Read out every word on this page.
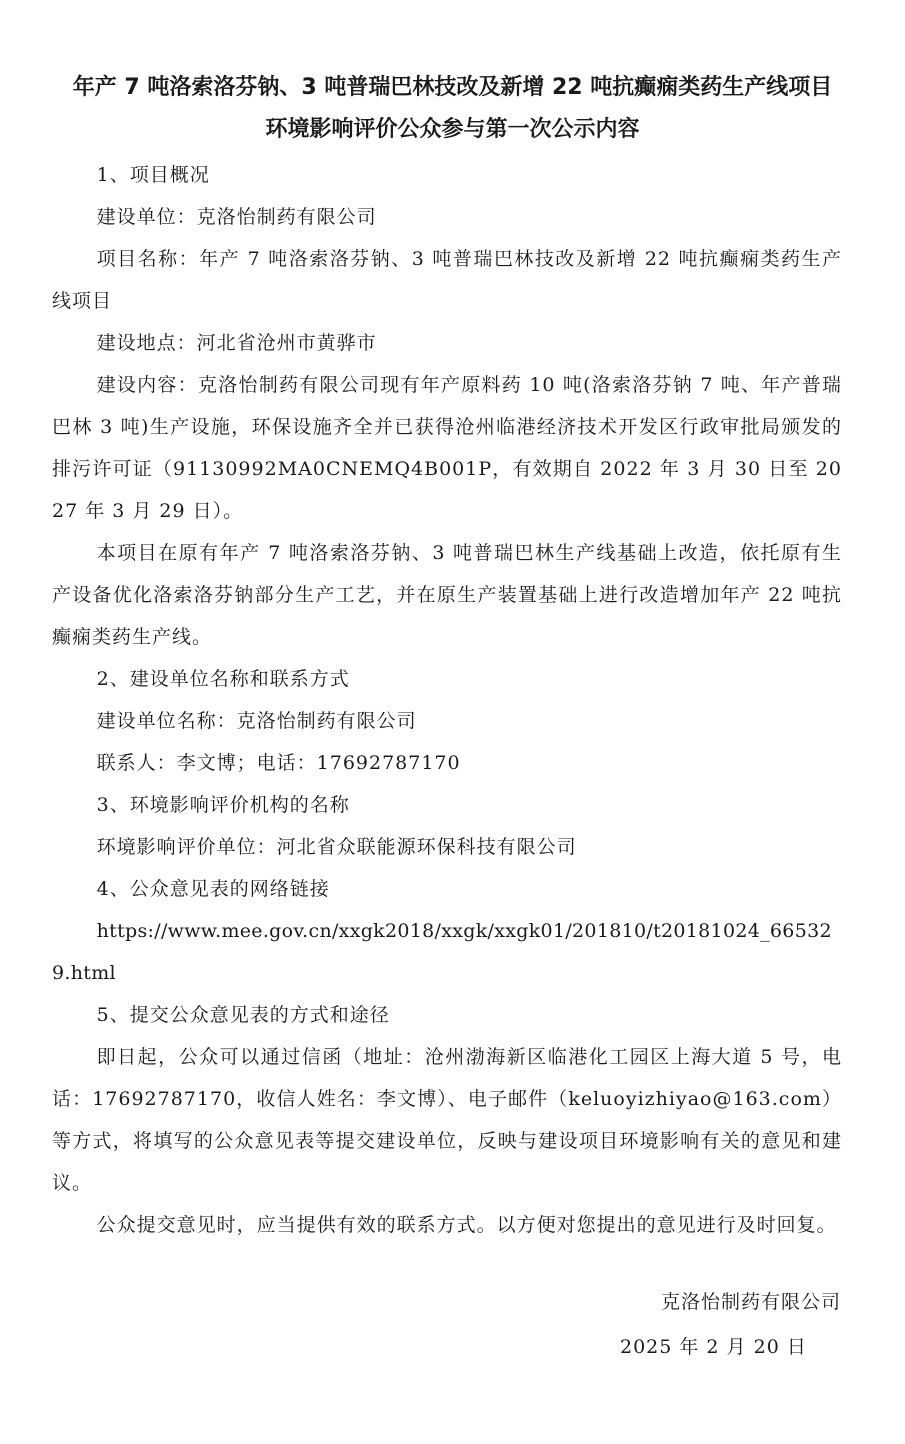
年产 7 吨洛索洛芬钠、3 吨普瑞巴林技改及新增 22 吨抗癫痫类药生产线项目
环境影响评价公众参与第一次公示内容

1、项目概况

建设单位：克洛怡制药有限公司

项目名称：年产 7 吨洛索洛芬钠、3 吨普瑞巴林技改及新增 22 吨抗癫痫类药生产线项目

建设地点：河北省沧州市黄骅市

建设内容：克洛怡制药有限公司现有年产原料药 10 吨(洛索洛芬钠 7 吨、年产普瑞巴林 3 吨)生产设施，环保设施齐全并已获得沧州临港经济技术开发区行政审批局颁发的排污许可证（91130992MA0CNEMQ4B001P，有效期自 2022 年 3 月 30 日至 2027 年 3 月 29 日）。

本项目在原有年产 7 吨洛索洛芬钠、3 吨普瑞巴林生产线基础上改造，依托原有生产设备优化洛索洛芬钠部分生产工艺，并在原生产装置基础上进行改造增加年产 22 吨抗癫痫类药生产线。

2、建设单位名称和联系方式

建设单位名称：克洛怡制药有限公司

联系人：李文博；电话：17692787170

3、环境影响评价机构的名称

环境影响评价单位：河北省众联能源环保科技有限公司

4、公众意见表的网络链接

https://www.mee.gov.cn/xxgk2018/xxgk/xxgk01/201810/t20181024_665329.html

5、提交公众意见表的方式和途径

即日起，公众可以通过信函（地址：沧州渤海新区临港化工园区上海大道 5 号，电话：17692787170，收信人姓名：李文博）、电子邮件（keluoyizhiyao@163.com）等方式，将填写的公众意见表等提交建设单位，反映与建设项目环境影响有关的意见和建议。

公众提交意见时，应当提供有效的联系方式。以方便对您提出的意见进行及时回复。

克洛怡制药有限公司
2025 年 2 月 20 日
